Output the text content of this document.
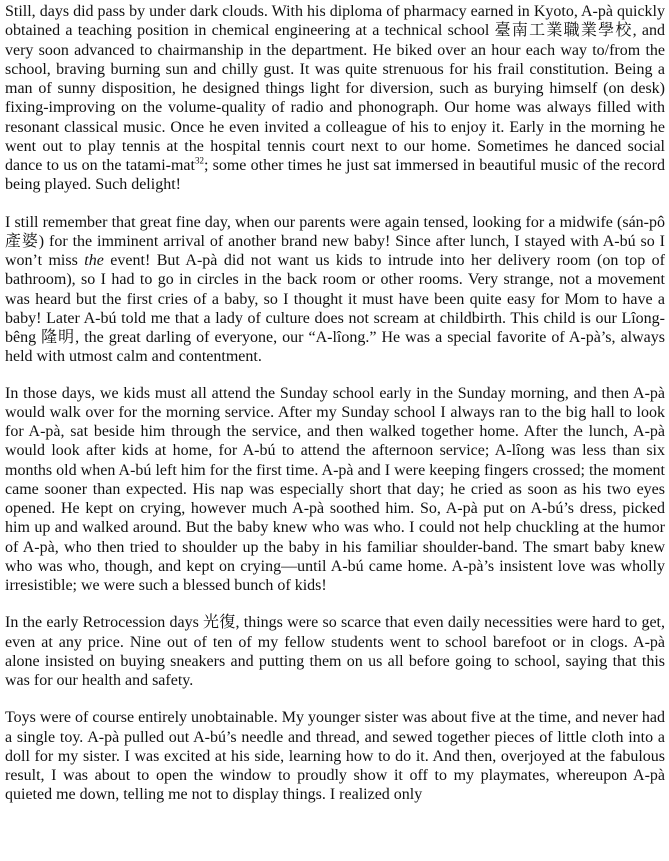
Still, days did pass by under dark clouds. With his diploma of pharmacy earned in Kyoto, A-pà quickly obtained a teaching position in chemical engineering at a technical school 臺南工業職業學校, and very soon advanced to chairmanship in the department. He biked over an hour each way to/from the school, braving burning sun and chilly gust. It was quite strenuous for his frail constitution. Being a man of sunny disposition, he designed things light for diversion, such as burying himself (on desk) fixing-improving on the volume-quality of radio and phonograph. Our home was always filled with resonant classical music. Once he even invited a colleague of his to enjoy it. Early in the morning he went out to play tennis at the hospital tennis court next to our home. Sometimes he danced social dance to us on the tatami-mat$^{32}$; some other times he just sat immersed in beautiful music of the record being played. Such delight!

I still remember that great fine day, when our parents were again tensed, looking for a midwife (sán-pô 產婆) for the imminent arrival of another brand new baby! Since after lunch, I stayed with A-bú so I won’t miss the event! But A-pà did not want us kids to intrude into her delivery room (on top of bathroom), so I had to go in circles in the back room or other rooms. Very strange, not a movement was heard but the first cries of a baby, so I thought it must have been quite easy for Mom to have a baby! Later A-bú told me that a lady of culture does not scream at childbirth. This child is our Lîong-bêng 隆明, the great darling of everyone, our “A-lîong.” He was a special favorite of A-pà’s, always held with utmost calm and contentment.

In those days, we kids must all attend the Sunday school early in the Sunday morning, and then A-pà would walk over for the morning service. After my Sunday school I always ran to the big hall to look for A-pà, sat beside him through the service, and then walked together home. After the lunch, A-pà would look after kids at home, for A-bú to attend the afternoon service; A-lîong was less than six months old when A-bú left him for the first time. A-pà and I were keeping fingers crossed; the moment came sooner than expected. His nap was especially short that day; he cried as soon as his two eyes opened. He kept on crying, however much A-pà soothed him. So, A-pà put on A-bú’s dress, picked him up and walked around. But the baby knew who was who. I could not help chuckling at the humor of A-pà, who then tried to shoulder up the baby in his familiar shoulder-band. The smart baby knew who was who, though, and kept on crying—until A-bú came home. A-pà’s insistent love was wholly irresistible; we were such a blessed bunch of kids!

In the early Retrocession days 光復, things were so scarce that even daily necessities were hard to get, even at any price. Nine out of ten of my fellow students went to school barefoot or in clogs. A-pà alone insisted on buying sneakers and putting them on us all before going to school, saying that this was for our health and safety.

Toys were of course entirely unobtainable. My younger sister was about five at the time, and never had a single toy. A-pà pulled out A-bú’s needle and thread, and sewed together pieces of little cloth into a doll for my sister. I was excited at his side, learning how to do it. And then, overjoyed at the fabulous result, I was about to open the window to proudly show it off to my playmates, whereupon A-pà quieted me down, telling me not to display things. I realized only
